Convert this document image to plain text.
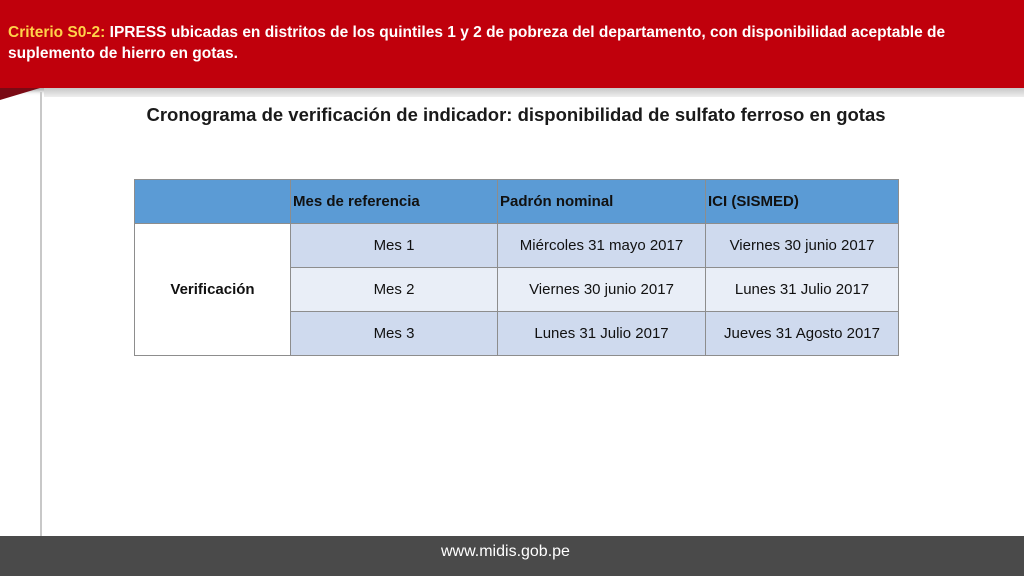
Criterio S0-2: IPRESS ubicadas en distritos de los quintiles 1 y 2 de pobreza del departamento, con disponibilidad aceptable de suplemento de hierro en gotas.
Cronograma de verificación de indicador: disponibilidad de sulfato ferroso en gotas
	Mes de referencia	Padrón nominal	ICI (SISMED)
Verificación	Mes 1	Miércoles 31 mayo 2017	Viernes 30 junio 2017
	Mes 2	Viernes 30 junio 2017	Lunes 31 Julio 2017
	Mes 3	Lunes 31 Julio 2017	Jueves 31 Agosto 2017
www.midis.gob.pe
